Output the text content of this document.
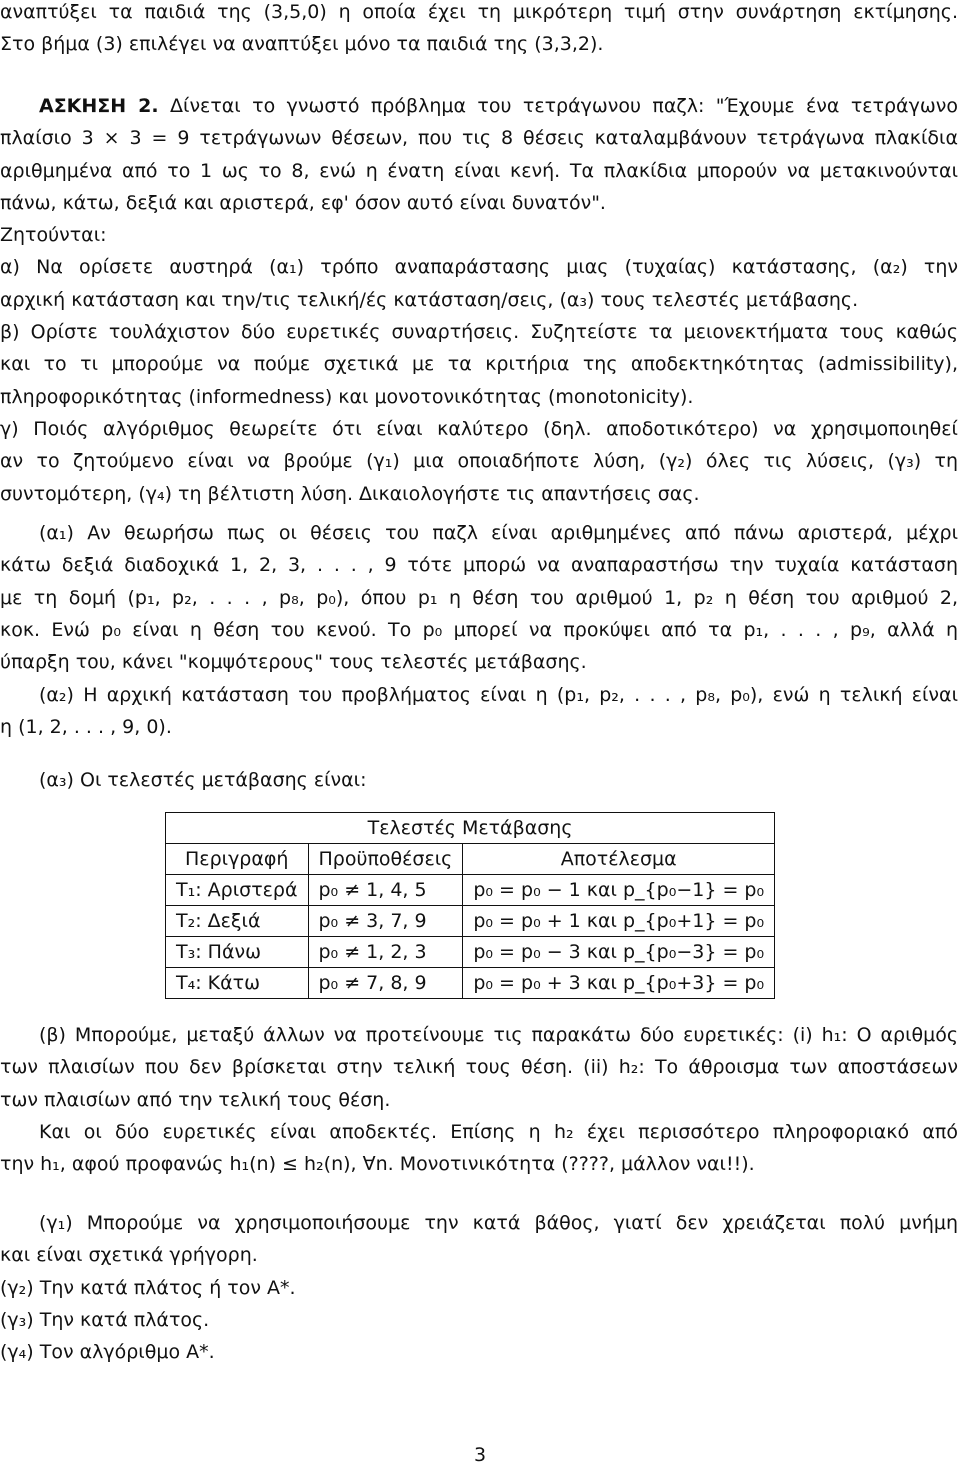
αναπτύξει τα παιδιά της (3,5,0) η οποία έχει τη μικρότερη τιμή στην συνάρτηση εκτίμησης.
Στο βήμα (3) επιλέγει να αναπτύξει μόνο τα παιδιά της (3,3,2).
ΑΣΚΗΣΗ 2. Δίνεται το γνωστό πρόβλημα του τετράγωνου παζλ: "Έχουμε ένα τετράγωνο
πλαίσιο 3 × 3 = 9 τετράγωνων θέσεων, που τις 8 θέσεις καταλαμβάνουν τετράγωνα πλακίδια
αριθμημένα από το 1 ως το 8, ενώ η ένατη είναι κενή. Τα πλακίδια μπορούν να μετακινούνται
πάνω, κάτω, δεξιά και αριστερά, εφ' όσον αυτό είναι δυνατόν".
Ζητούνται:
α) Να ορίσετε αυστηρά (α₁) τρόπο αναπαράστασης μιας (τυχαίας) κατάστασης, (α₂) την
αρχική κατάσταση και την/τις τελική/ές κατάσταση/σεις, (α₃) τους τελεστές μετάβασης.
β) Ορίστε τουλάχιστον δύο ευρετικές συναρτήσεις. Συζητείστε τα μειονεκτήματα τους καθώς
και το τι μπορούμε να πούμε σχετικά με τα κριτήρια της αποδεκτηκότητας (admissibility),
πληροφορικότητας (informedness) και μονοτονικότητας (monotonicity).
γ) Ποιός αλγόριθμος θεωρείτε ότι είναι καλύτερο (δηλ. αποδοτικότερο) να χρησιμοποιηθεί
αν το ζητούμενο είναι να βρούμε (γ₁) μια οποιαδήποτε λύση, (γ₂) όλες τις λύσεις, (γ₃) τη
συντομότερη, (γ₄) τη βέλτιστη λύση. Δικαιολογήστε τις απαντήσεις σας.
(α₁) Αν θεωρήσω πως οι θέσεις του παζλ είναι αριθμημένες από πάνω αριστερά, μέχρι
κάτω δεξιά διαδοχικά 1, 2, 3, . . . , 9 τότε μπορώ να αναπαραστήσω την τυχαία κατάσταση
με τη δομή (p₁, p₂, . . . , p₈, p₀), όπου p₁ η θέση του αριθμού 1, p₂ η θέση του αριθμού 2,
κοκ. Ενώ p₀ είναι η θέση του κενού. Το p₀ μπορεί να προκύψει από τα p₁, . . . , p₉, αλλά η
ύπαρξη του, κάνει "κομψότερους" τους τελεστές μετάβασης.
(α₂) Η αρχική κατάσταση του προβλήματος είναι η (p₁, p₂, . . . , p₈, p₀), ενώ η τελική είναι
η (1, 2, . . . , 9, 0).
(α₃) Οι τελεστές μετάβασης είναι:
Τελεστές Μετάβασης		
Περιγραφή	Προϋποθέσεις	Αποτέλεσμα
T₁: Αριστερά	p₀ ≠ 1, 4, 5	p₀ = p₀ − 1 και p_{p₀−1} = p₀
T₂: Δεξιά	p₀ ≠ 3, 7, 9	p₀ = p₀ + 1 και p_{p₀+1} = p₀
T₃: Πάνω	p₀ ≠ 1, 2, 3	p₀ = p₀ − 3 και p_{p₀−3} = p₀
T₄: Κάτω	p₀ ≠ 7, 8, 9	p₀ = p₀ + 3 και p_{p₀+3} = p₀
(β) Μπορούμε, μεταξύ άλλων να προτείνουμε τις παρακάτω δύο ευρετικές: (i) h₁: Ο αριθμός
των πλαισίων που δεν βρίσκεται στην τελική τους θέση. (ii) h₂: Το άθροισμα των αποστάσεων
των πλαισίων από την τελική τους θέση.
Και οι δύο ευρετικές είναι αποδεκτές. Επίσης η h₂ έχει περισσότερο πληροφοριακό από
την h₁, αφού προφανώς h₁(n) ≤ h₂(n), ∀n. Μονοτινικότητα (????, μάλλον ναι!!).
(γ₁) Μπορούμε να χρησιμοποιήσουμε την κατά βάθος, γιατί δεν χρειάζεται πολύ μνήμη
και είναι σχετικά γρήγορη.
(γ₂) Την κατά πλάτος ή τον A*.
(γ₃) Την κατά πλάτος.
(γ₄) Τον αλγόριθμο A*.
3
